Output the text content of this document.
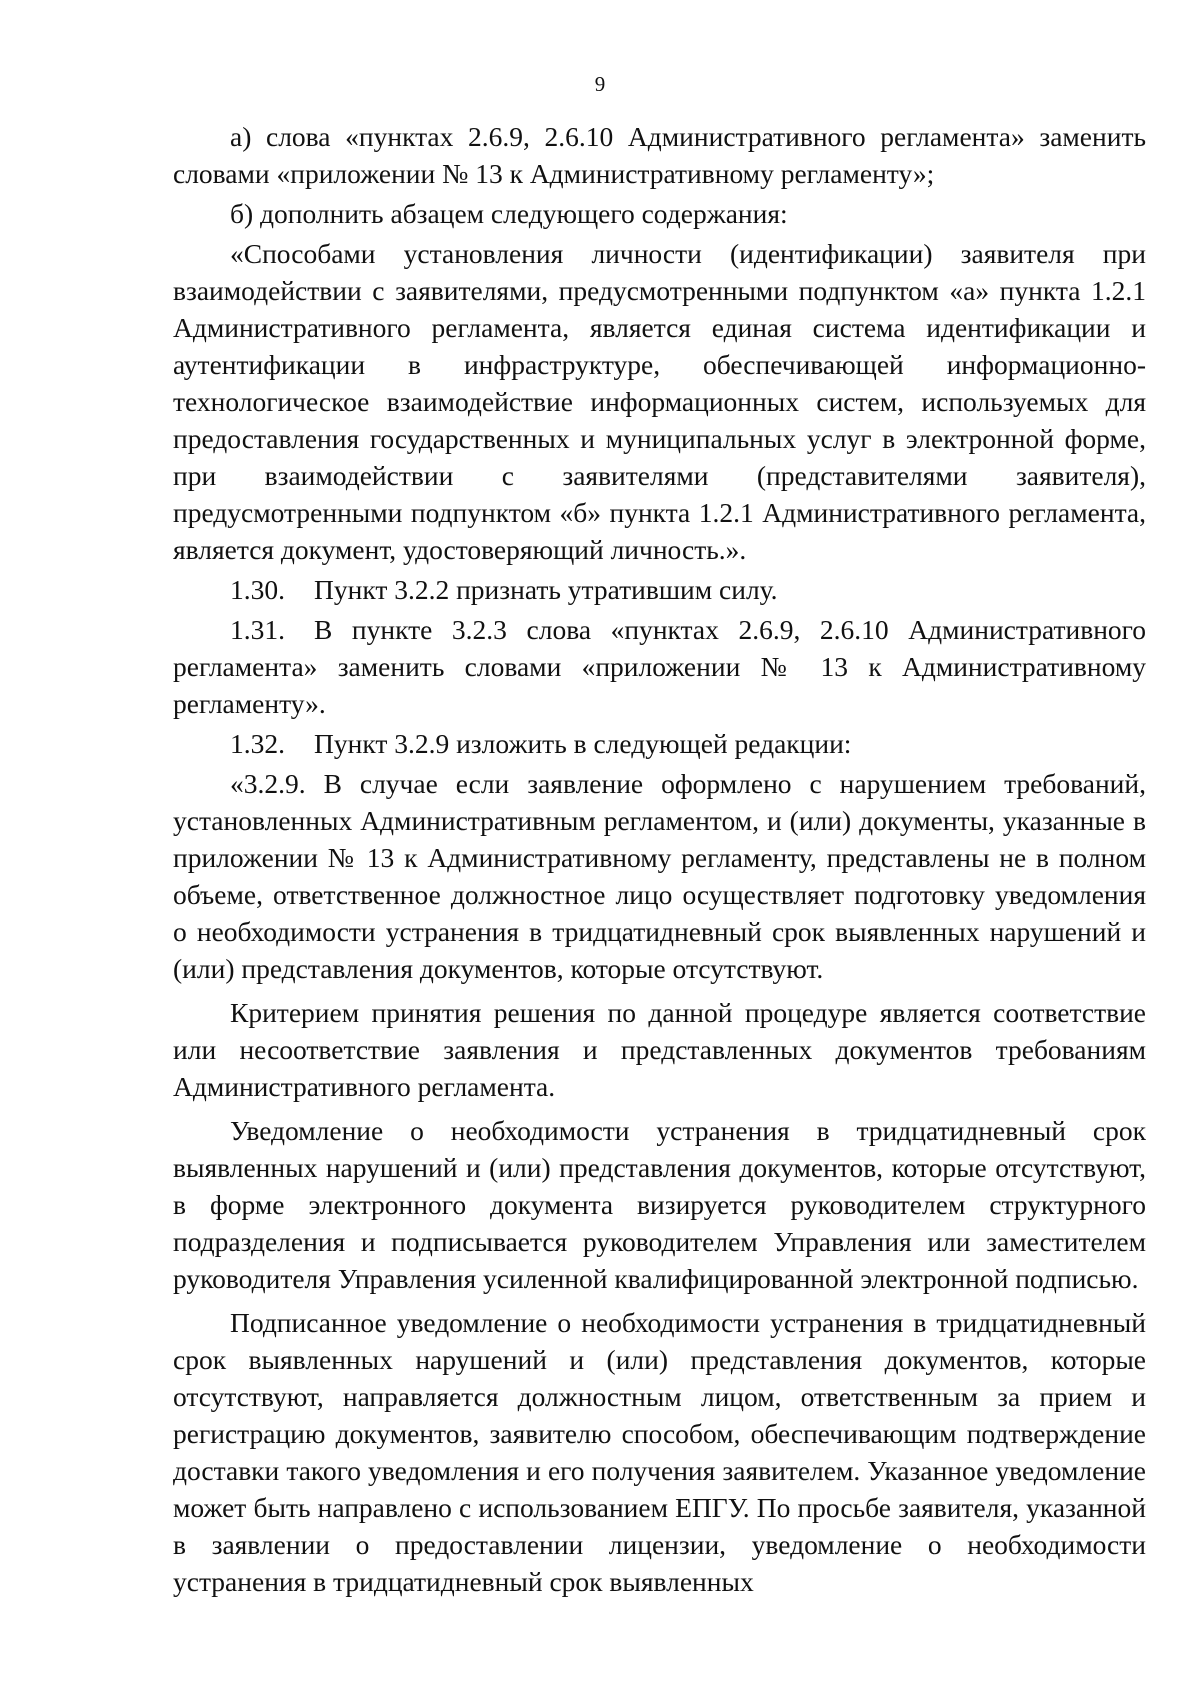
9

а) слова «пунктах 2.6.9, 2.6.10 Административного регламента» заменить словами «приложении № 13 к Административному регламенту»;

б) дополнить абзацем следующего содержания:

«Способами установления личности (идентификации) заявителя при взаимодействии с заявителями, предусмотренными подпунктом «а» пункта 1.2.1 Административного регламента, является единая система идентификации и аутентификации в инфраструктуре, обеспечивающей информационно-технологическое взаимодействие информационных систем, используемых для предоставления государственных и муниципальных услуг в электронной форме, при взаимодействии с заявителями (представителями заявителя), предусмотренными подпунктом «б» пункта 1.2.1 Административного регламента, является документ, удостоверяющий личность.».

1.30. Пункт 3.2.2 признать утратившим силу.

1.31. В пункте 3.2.3 слова «пунктах 2.6.9, 2.6.10 Административного регламента» заменить словами «приложении № 13 к Административному регламенту».

1.32. Пункт 3.2.9 изложить в следующей редакции:

«3.2.9. В случае если заявление оформлено с нарушением требований, установленных Административным регламентом, и (или) документы, указанные в приложении № 13 к Административному регламенту, представлены не в полном объеме, ответственное должностное лицо осуществляет подготовку уведомления о необходимости устранения в тридцатидневный срок выявленных нарушений и (или) представления документов, которые отсутствуют.

Критерием принятия решения по данной процедуре является соответствие или несоответствие заявления и представленных документов требованиям Административного регламента.

Уведомление о необходимости устранения в тридцатидневный срок выявленных нарушений и (или) представления документов, которые отсутствуют, в форме электронного документа визируется руководителем структурного подразделения и подписывается руководителем Управления или заместителем руководителя Управления усиленной квалифицированной электронной подписью.

Подписанное уведомление о необходимости устранения в тридцатидневный срок выявленных нарушений и (или) представления документов, которые отсутствуют, направляется должностным лицом, ответственным за прием и регистрацию документов, заявителю способом, обеспечивающим подтверждение доставки такого уведомления и его получения заявителем. Указанное уведомление может быть направлено с использованием ЕПГУ. По просьбе заявителя, указанной в заявлении о предоставлении лицензии, уведомление о необходимости устранения в тридцатидневный срок выявленных
